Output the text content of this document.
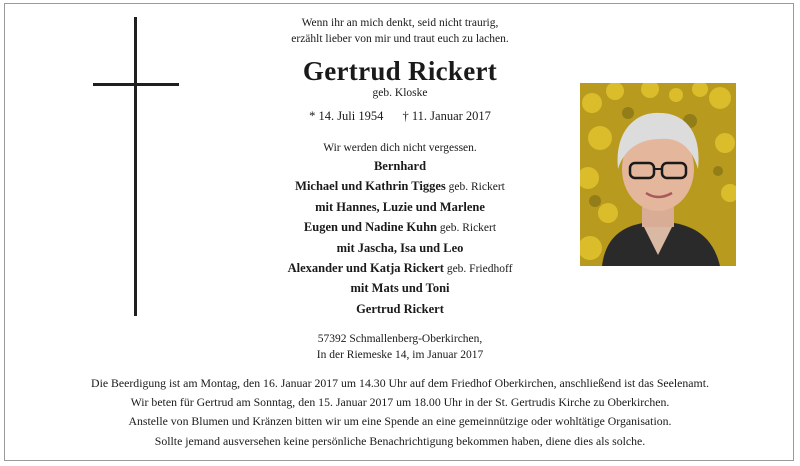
Wenn ihr an mich denkt, seid nicht traurig,
erzählt lieber von mir und traut euch zu lachen.
Gertrud Rickert
geb. Kloske
* 14. Juli 1954 † 11. Januar 2017
Wir werden dich nicht vergessen.
Bernhard
Michael und Kathrin Tigges geb. Rickert
mit Hannes, Luzie und Marlene
Eugen und Nadine Kuhn geb. Rickert
mit Jascha, Isa und Leo
Alexander und Katja Rickert geb. Friedhoff
mit Mats und Toni
Gertrud Rickert
57392 Schmallenberg-Oberkirchen,
In der Riemeske 14, im Januar 2017
Die Beerdigung ist am Montag, den 16. Januar 2017 um 14.30 Uhr auf dem Friedhof Oberkirchen, anschließend ist das Seelenamt.
Wir beten für Gertrud am Sonntag, den 15. Januar 2017 um 18.00 Uhr in der St. Gertrudis Kirche zu Oberkirchen.
Anstelle von Blumen und Kränzen bitten wir um eine Spende an eine gemeinnützige oder wohltätige Organisation.
Sollte jemand ausversehen keine persönliche Benachrichtigung bekommen haben, diene dies als solche.
